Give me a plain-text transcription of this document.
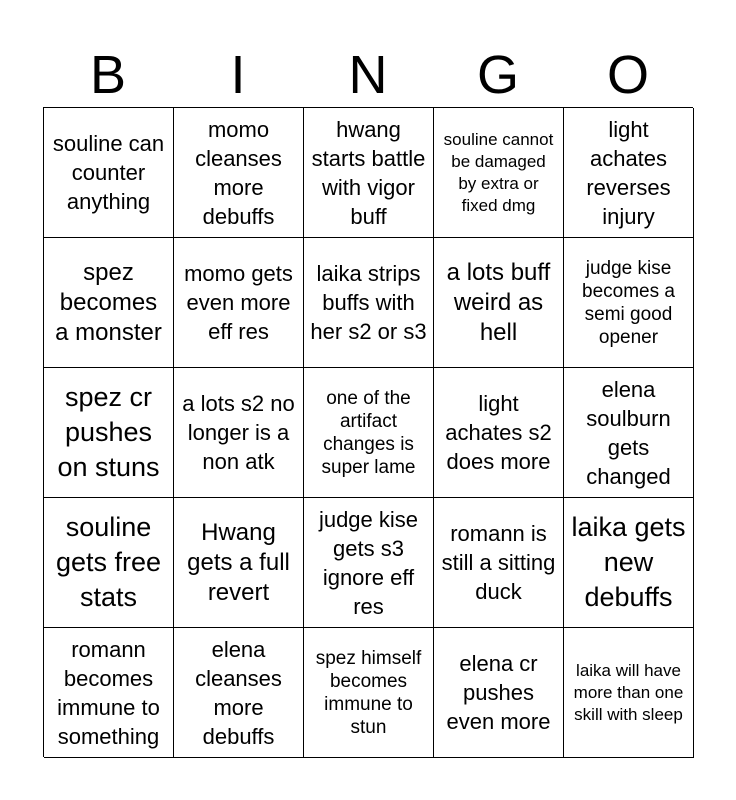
B	I	N	G	O
souline can counter anything
momo cleanses more debuffs
hwang starts battle with vigor buff
souline cannot be damaged by extra or fixed dmg
light achates reverses injury
spez becomes a monster
momo gets even more eff res
laika strips buffs with her s2 or s3
a lots buff weird as hell
judge kise becomes a semi good opener
spez cr pushes on stuns
a lots s2 no longer is a non atk
one of the artifact changes is super lame
light achates s2 does more
elena soulburn gets changed
souline gets free stats
Hwang gets a full revert
judge kise gets s3 ignore eff res
romann is still a sitting duck
laika gets new debuffs
romann becomes immune to something
elena cleanses more debuffs
spez himself becomes immune to stun
elena cr pushes even more
laika will have more than one skill with sleep
